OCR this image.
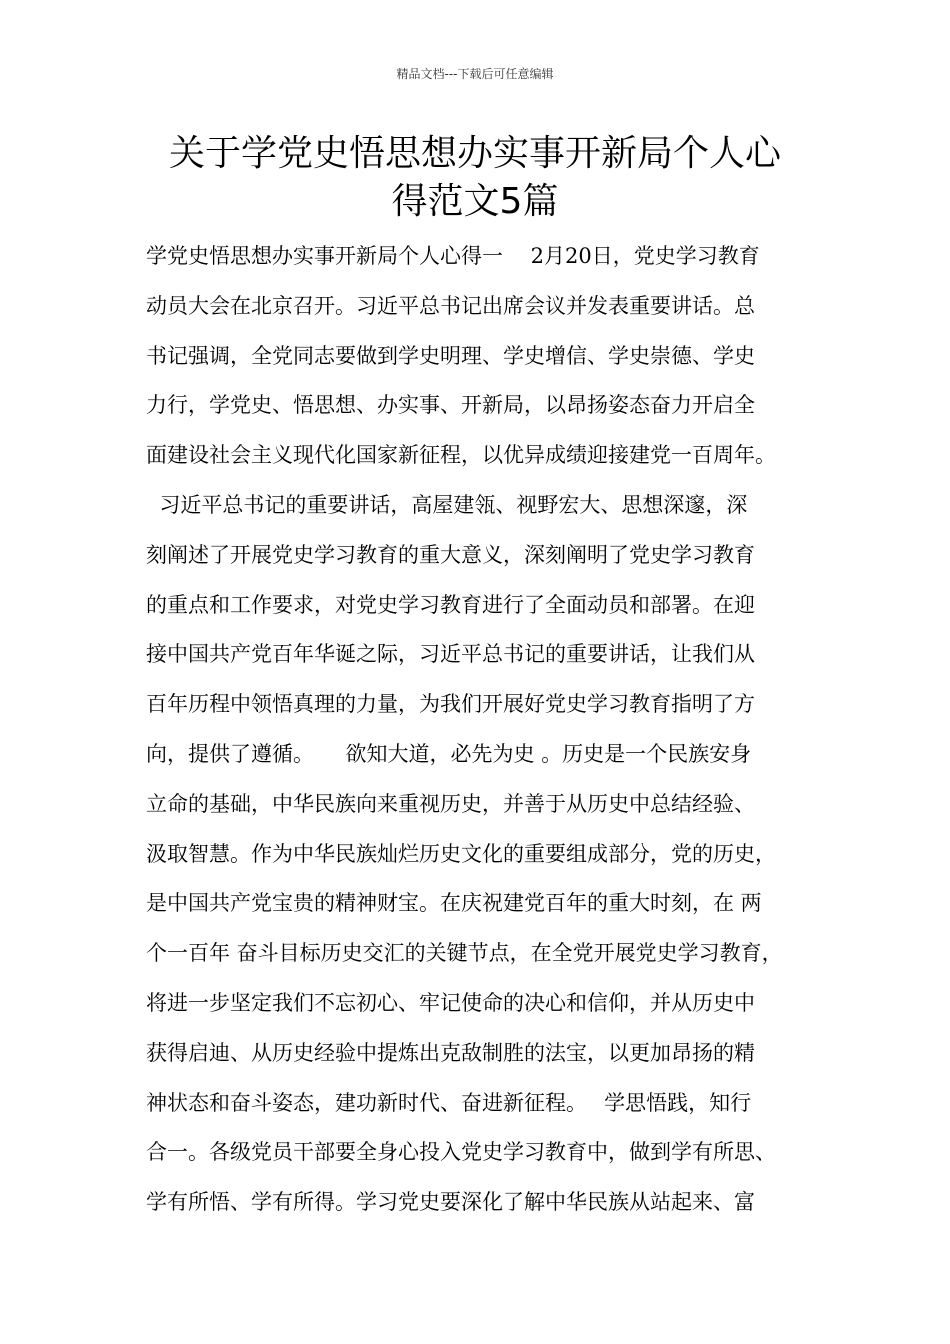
精品文档---下载后可任意编辑
关于学党史悟思想办实事开新局个人心
得范文5篇
学党史悟思想办实事开新局个人心得一　 2月20日，党史学习教育
动员大会在北京召开。习近平总书记出席会议并发表重要讲话。总
书记强调，全党同志要做到学史明理、学史增信、学史崇德、学史
力行，学党史、悟思想、办实事、开新局，以昂扬姿态奋力开启全
面建设社会主义现代化国家新征程，以优异成绩迎接建党一百周年。
习近平总书记的重要讲话，高屋建瓴、视野宏大、思想深邃，深
刻阐述了开展党史学习教育的重大意义，深刻阐明了党史学习教育
的重点和工作要求，对党史学习教育进行了全面动员和部署。在迎
接中国共产党百年华诞之际，习近平总书记的重要讲话，让我们从
百年历程中领悟真理的力量，为我们开展好党史学习教育指明了方
向，提供了遵循。　　欲知大道，必先为史 。历史是一个民族安身
立命的基础，中华民族向来重视历史，并善于从历史中总结经验、
汲取智慧。作为中华民族灿烂历史文化的重要组成部分，党的历史，
是中国共产党宝贵的精神财宝。在庆祝建党百年的重大时刻，在 两
个一百年 奋斗目标历史交汇的关键节点，在全党开展党史学习教育，
将进一步坚定我们不忘初心、牢记使命的决心和信仰，并从历史中
获得启迪、从历史经验中提炼出克敌制胜的法宝，以更加昂扬的精
神状态和奋斗姿态，建功新时代、奋进新征程。　 学思悟践，知行
合一。各级党员干部要全身心投入党史学习教育中，做到学有所思、
学有所悟、学有所得。学习党史要深化了解中华民族从站起来、富
